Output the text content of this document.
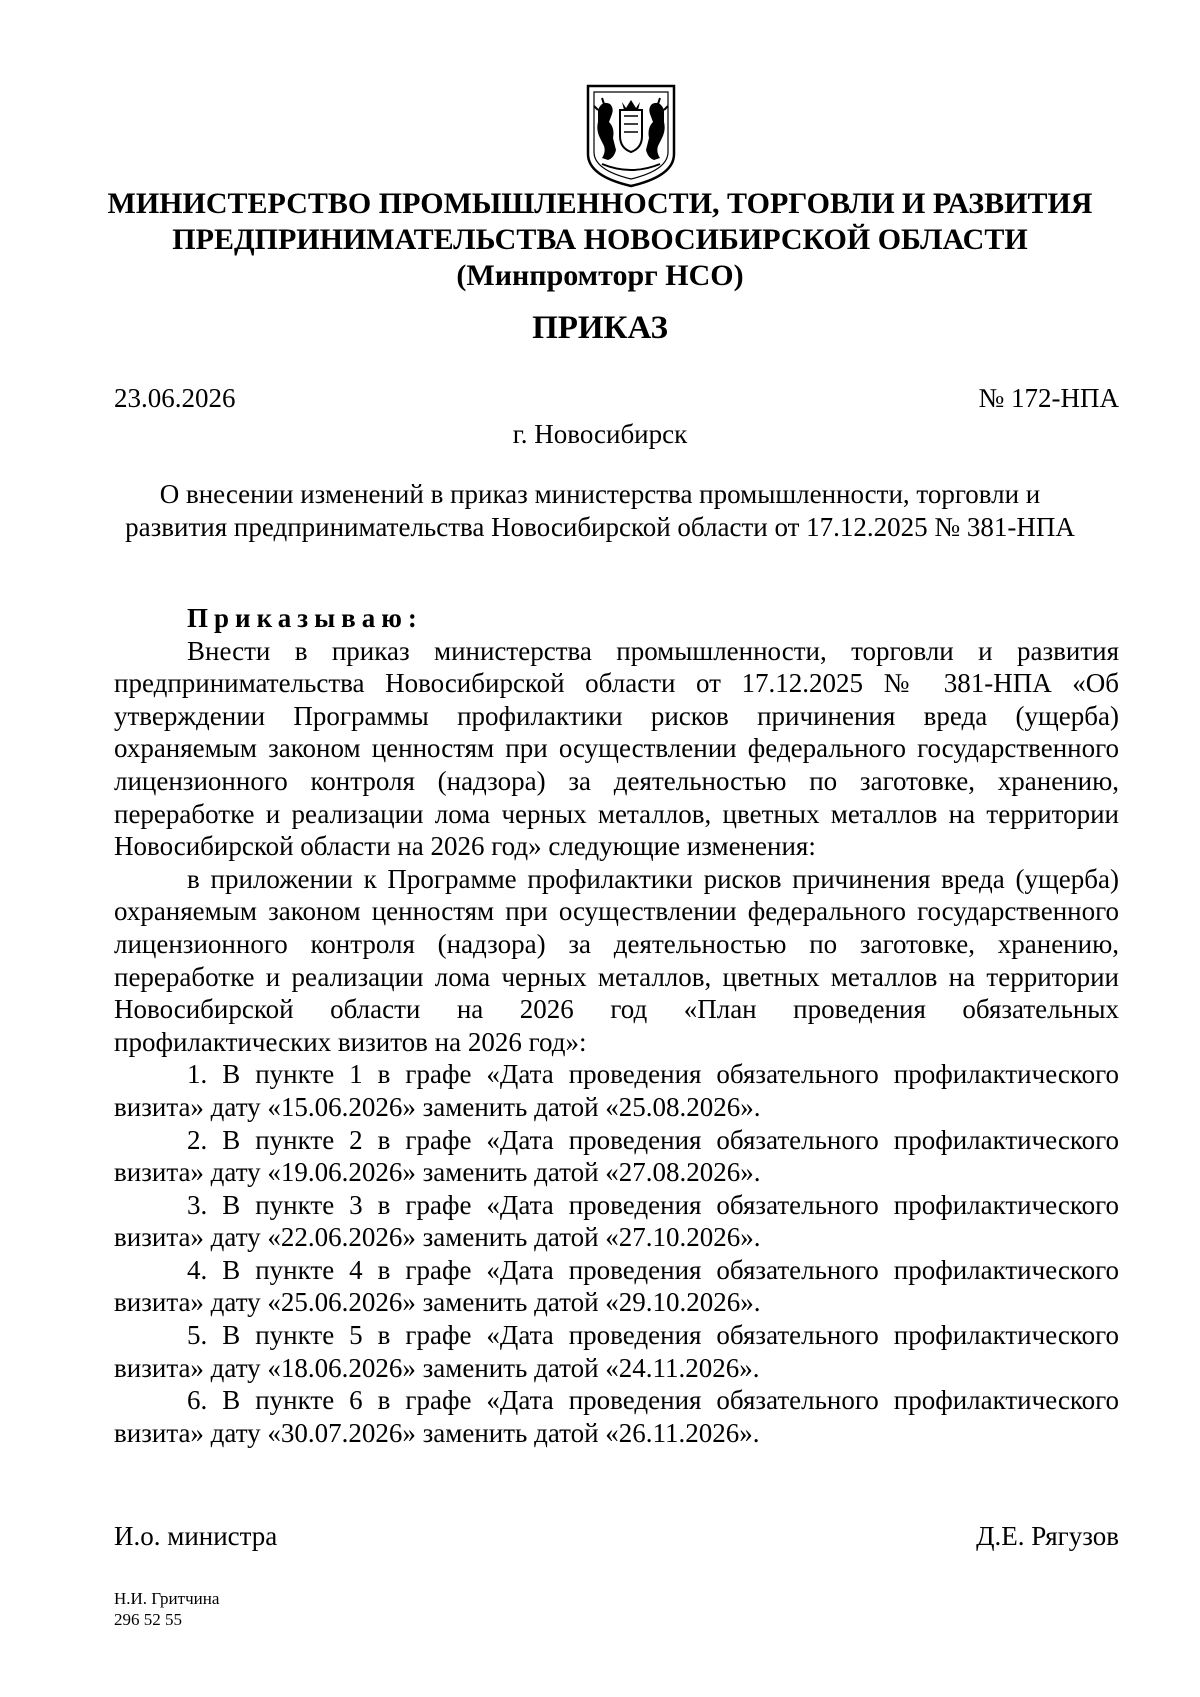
МИНИСТЕРСТВО ПРОМЫШЛЕННОСТИ, ТОРГОВЛИ И РАЗВИТИЯ
ПРЕДПРИНИМАТЕЛЬСТВА НОВОСИБИРСКОЙ ОБЛАСТИ
(Минпромторг НСО)
ПРИКАЗ
23.06.2026	№ 172-НПА
г. Новосибирск
О внесении изменений в приказ министерства промышленности, торговли и
развития предпринимательства Новосибирской области от 17.12.2025 № 381-НПА

Приказываю:

Внести в приказ министерства промышленности, торговли и развития предпринимательства Новосибирской области от 17.12.2025 № 381-НПА «Об утверждении Программы профилактики рисков причинения вреда (ущерба) охраняемым законом ценностям при осуществлении федерального государственного лицензионного контроля (надзора) за деятельностью по заготовке, хранению, переработке и реализации лома черных металлов, цветных металлов на территории Новосибирской области на 2026 год» следующие изменения:

в приложении к Программе профилактики рисков причинения вреда (ущерба) охраняемым законом ценностям при осуществлении федерального государственного лицензионного контроля (надзора) за деятельностью по заготовке, хранению, переработке и реализации лома черных металлов, цветных металлов на территории Новосибирской области на 2026 год «План проведения обязательных профилактических визитов на 2026 год»:

1. В пункте 1 в графе «Дата проведения обязательного профилактического визита» дату «15.06.2026» заменить датой «25.08.2026».

2. В пункте 2 в графе «Дата проведения обязательного профилактического визита» дату «19.06.2026» заменить датой «27.08.2026».

3. В пункте 3 в графе «Дата проведения обязательного профилактического визита» дату «22.06.2026» заменить датой «27.10.2026».

4. В пункте 4 в графе «Дата проведения обязательного профилактического визита» дату «25.06.2026» заменить датой «29.10.2026».

5. В пункте 5 в графе «Дата проведения обязательного профилактического визита» дату «18.06.2026» заменить датой «24.11.2026».

6. В пункте 6 в графе «Дата проведения обязательного профилактического визита» дату «30.07.2026» заменить датой «26.11.2026».

И.о. министра	Д.Е. Рягузов
Н.И. Гритчина
296 52 55
